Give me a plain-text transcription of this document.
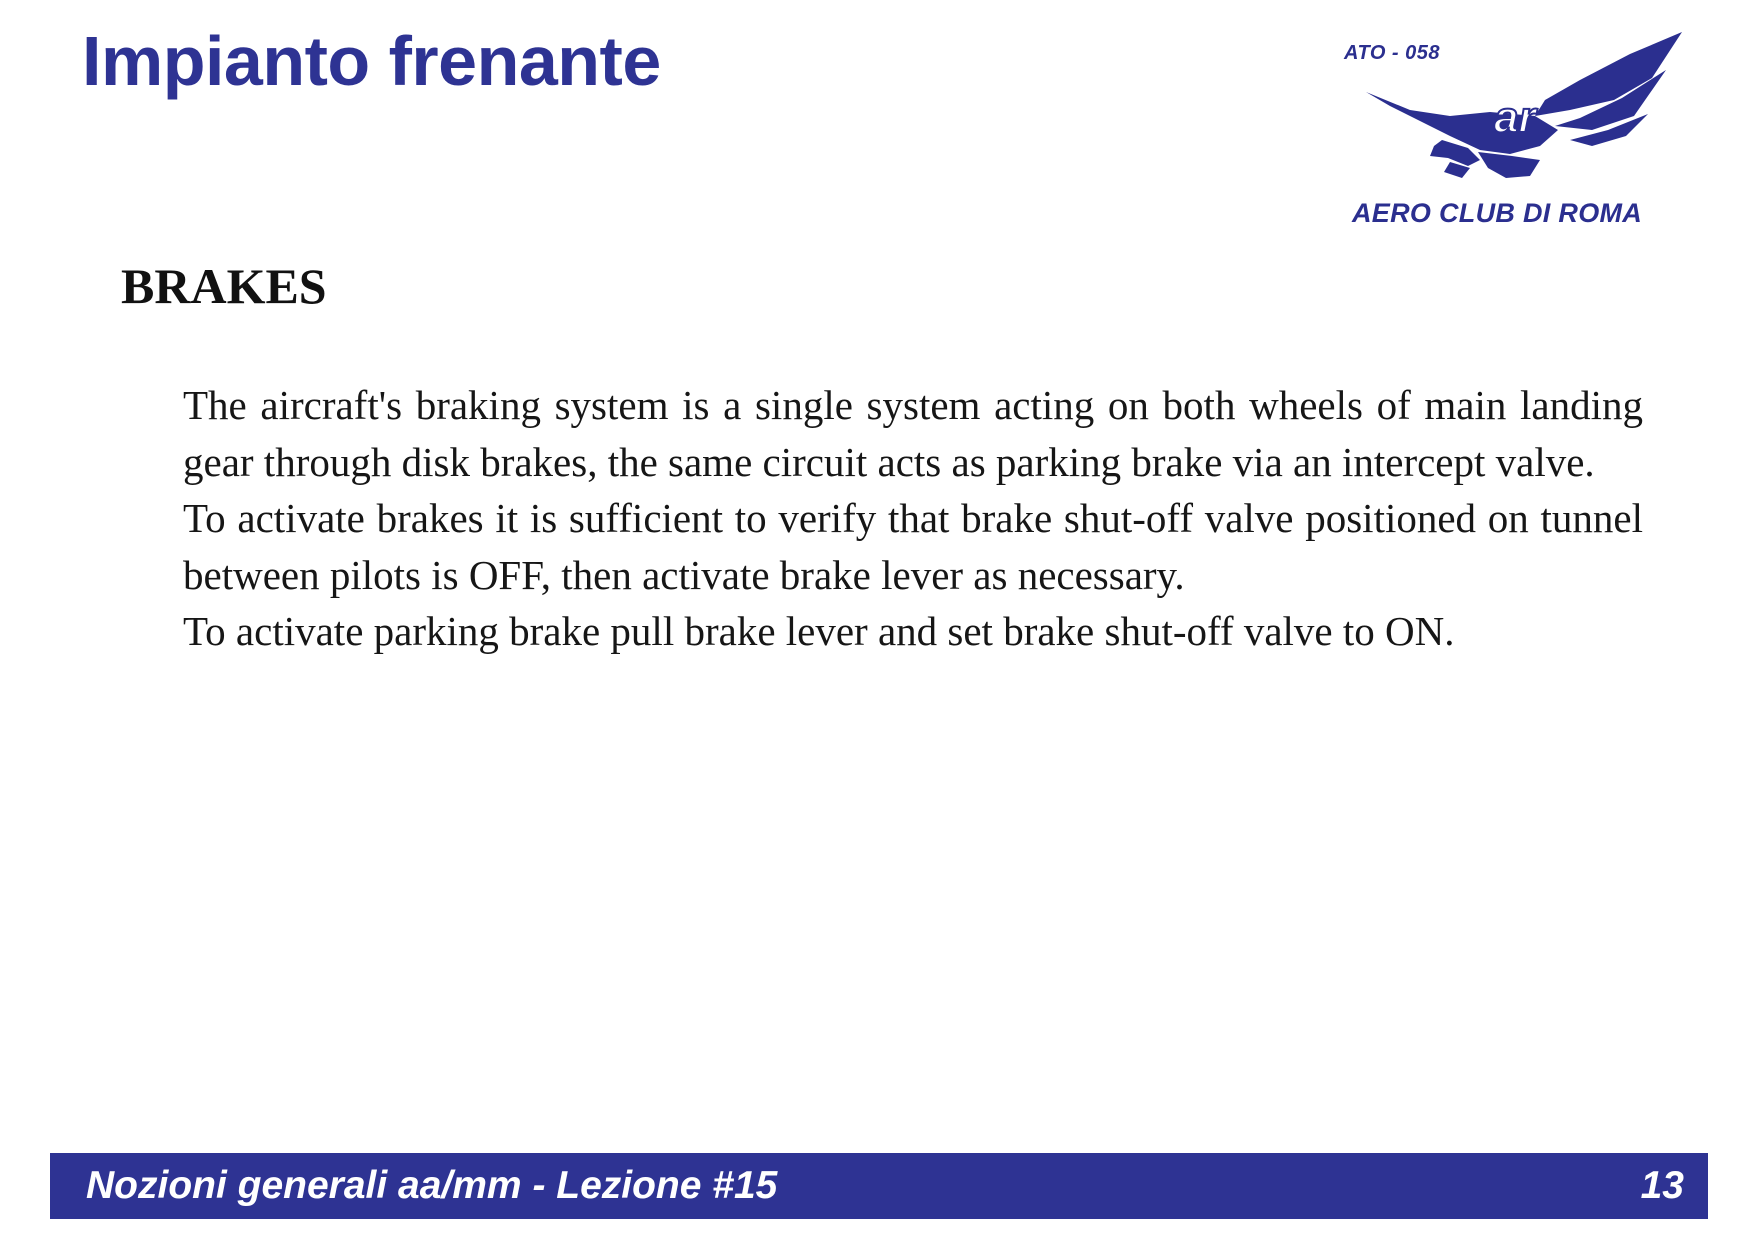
Impianto frenante
ar
ATO - 058
AERO CLUB DI ROMA
BRAKES

The aircraft's braking system is a single system acting on both wheels of main landing gear through disk brakes, the same circuit acts as parking brake via an intercept valve.

To activate brakes it is sufficient to verify that brake shut-off valve positioned on tunnel between pilots is OFF, then activate brake lever as necessary.

To activate parking brake pull brake lever and set brake shut-off valve to ON.

Nozioni generali aa/mm - Lezione #15	13
